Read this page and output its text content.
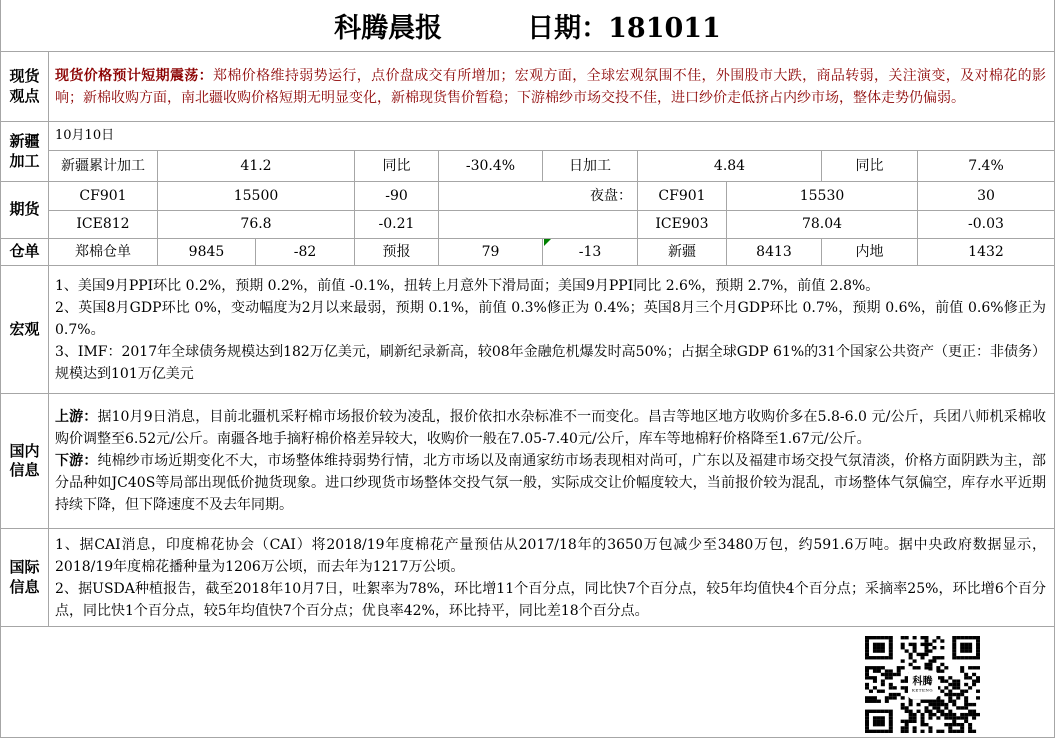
科腾晨报	日期：181011
现货观点

现货价格预计短期震荡：郑棉价格维持弱势运行，点价盘成交有所增加；宏观方面，全球宏观氛围不佳，外围股市大跌，商品转弱，关注演变，及对棉花的影响；新棉收购方面，南北疆收购价格短期无明显变化，新棉现货售价暂稳；下游棉纱市场交投不佳，进口纱价走低挤占内纱市场，整体走势仍偏弱。

新疆加工
10月10日
新疆累计加工	41.2	同比	-30.4%	日加工	4.84	同比	7.4%
期货
CF901	15500	-90	夜盘：	CF901	15530	30
ICE812	76.8	-0.21	ICE903	78.04	-0.03
仓单	郑棉仓单	9845	-82	预报	79	-13	新疆	8413	内地	1432
宏观

1、美国9月PPI环比 0.2%，预期 0.2%，前值 -0.1%，扭转上月意外下滑局面；美国9月PPI同比 2.6%，预期 2.7%，前值 2.8%。

2、英国8月GDP环比 0%，变动幅度为2月以来最弱，预期 0.1%，前值 0.3%修正为 0.4%；英国8月三个月GDP环比 0.7%，预期 0.6%，前值 0.6%修正为 0.7%。

3、IMF：2017年全球债务规模达到182万亿美元，刷新纪录新高，较08年金融危机爆发时高50%；占据全球GDP 61%的31个国家公共资产（更正：非债务）规模达到101万亿美元

国内信息

上游：据10月9日消息，目前北疆机采籽棉市场报价较为凌乱，报价依扣水杂标准不一而变化。昌吉等地区地方收购价多在5.8-6.0 元/公斤，兵团八师机采棉收购价调整至6.52元/公斤。南疆各地手摘籽棉价格差异较大，收购价一般在7.05-7.40元/公斤，库车等地棉籽价格降至1.67元/公斤。

下游：纯棉纱市场近期变化不大，市场整体维持弱势行情，北方市场以及南通家纺市场表现相对尚可，广东以及福建市场交投气氛清淡，价格方面阴跌为主，部分品种如JC40S等局部出现低价抛货现象。进口纱现货市场整体交投气氛一般，实际成交让价幅度较大，当前报价较为混乱，市场整体气氛偏空，库存水平近期持续下降，但下降速度不及去年同期。

国际信息

1、据CAI消息，印度棉花协会（CAI）将2018/19年度棉花产量预估从2017/18年的3650万包减少至3480万包，约591.6万吨。据中央政府数据显示，2018/19年度棉花播种量为1206万公顷，而去年为1217万公顷。

2、据USDA种植报告，截至2018年10月7日，吐絮率为78%，环比增11个百分点，同比快7个百分点，较5年均值快4个百分点；采摘率25%，环比增6个百分点，同比快1个百分点，较5年均值快7个百分点；优良率42%，环比持平，同比差18个百分点。

科腾
KETENG
